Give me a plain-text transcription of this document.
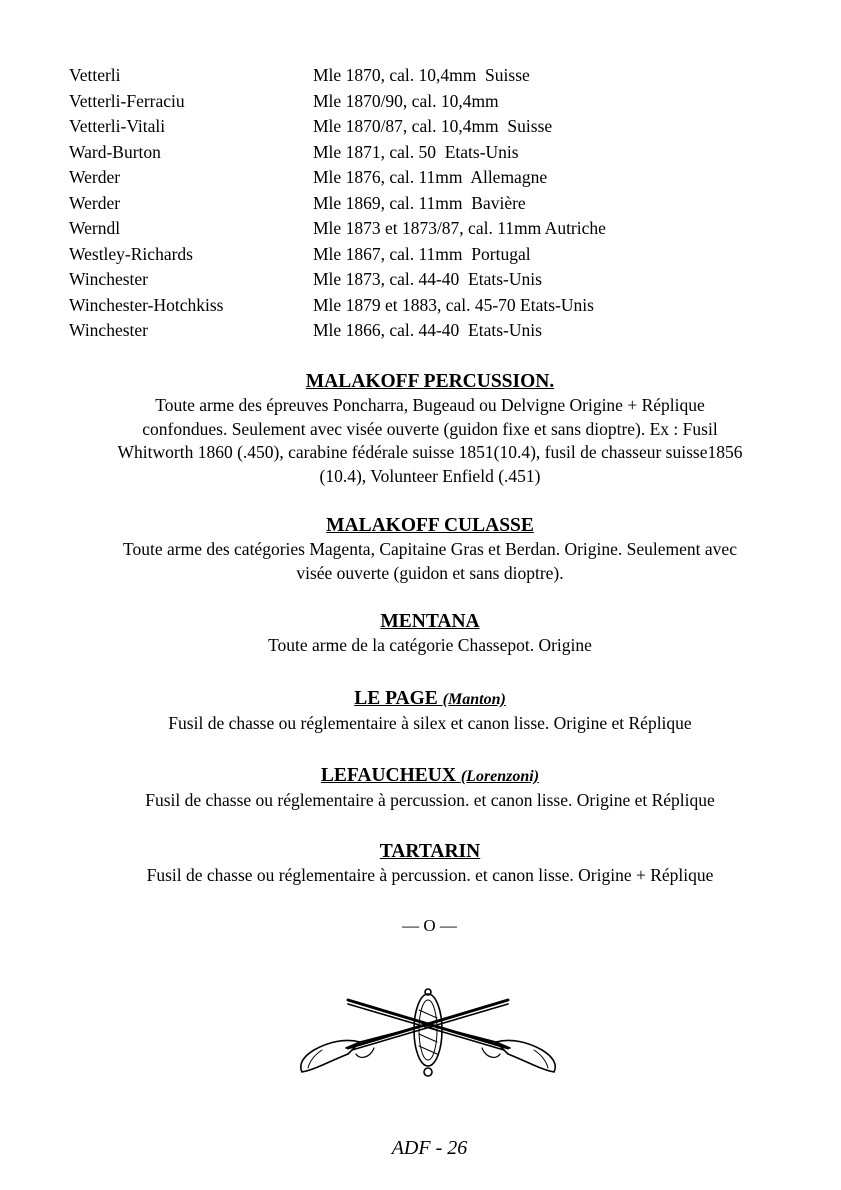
Vetterli	Mle 1870, cal. 10,4mm  Suisse
Vetterli-Ferraciu	Mle 1870/90, cal. 10,4mm
Vetterli-Vitali	Mle 1870/87, cal. 10,4mm  Suisse
Ward-Burton	Mle 1871, cal. 50  Etats-Unis
Werder	Mle 1876, cal. 11mm  Allemagne
Werder	Mle 1869, cal. 11mm  Bavière
Werndl	Mle 1873 et 1873/87, cal. 11mm Autriche
Westley-Richards	Mle 1867, cal. 11mm  Portugal
Winchester	Mle 1873, cal. 44-40  Etats-Unis
Winchester-Hotchkiss	Mle 1879 et 1883, cal. 45-70 Etats-Unis
Winchester	Mle 1866, cal. 44-40  Etats-Unis
MALAKOFF PERCUSSION.

Toute arme des épreuves Poncharra, Bugeaud ou Delvigne Origine + Réplique

confondues. Seulement avec visée ouverte (guidon fixe et sans dioptre). Ex : Fusil

Whitworth 1860 (.450), carabine fédérale suisse 1851(10.4), fusil de chasseur suisse1856

(10.4), Volunteer Enfield (.451)

MALAKOFF CULASSE

Toute arme des catégories Magenta, Capitaine Gras et Berdan. Origine. Seulement avec

visée ouverte (guidon et sans dioptre).

MENTANA

Toute arme de la catégorie Chassepot. Origine

LE PAGE (Manton)

Fusil de chasse ou réglementaire à silex et canon lisse. Origine et Réplique

LEFAUCHEUX (Lorenzoni)

Fusil de chasse ou réglementaire à percussion. et canon lisse. Origine et Réplique

TARTARIN

Fusil de chasse ou réglementaire à percussion. et canon lisse. Origine + Réplique

— O —
ADF - 26
